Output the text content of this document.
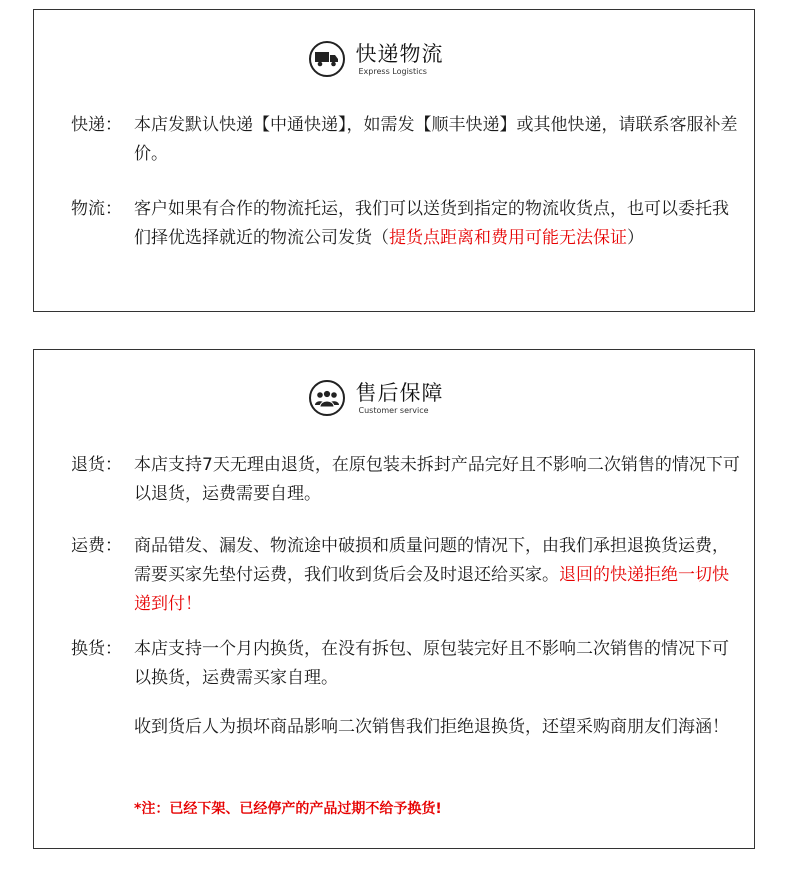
快递物流
Express Logistics
快递： 本店发默认快递【中通快递】，如需发【顺丰快递】或其他快递，请联系客服补差价。
物流： 客户如果有合作的物流托运，我们可以送货到指定的物流收货点，也可以委托我们择优选择就近的物流公司发货（提货点距离和费用可能无法保证）
售后保障
Customer service
退货： 本店支持7天无理由退货，在原包装未拆封产品完好且不影响二次销售的情况下可以退货，运费需要自理。
运费： 商品错发、漏发、物流途中破损和质量问题的情况下，由我们承担退换货运费，需要买家先垫付运费，我们收到货后会及时退还给买家。退回的快递拒绝一切快递到付！
换货： 本店支持一个月内换货，在没有拆包、原包装完好且不影响二次销售的情况下可以换货，运费需买家自理。
收到货后人为损坏商品影响二次销售我们拒绝退换货，还望采购商朋友们海涵！
*注：已经下架、已经停产的产品过期不给予换货!
